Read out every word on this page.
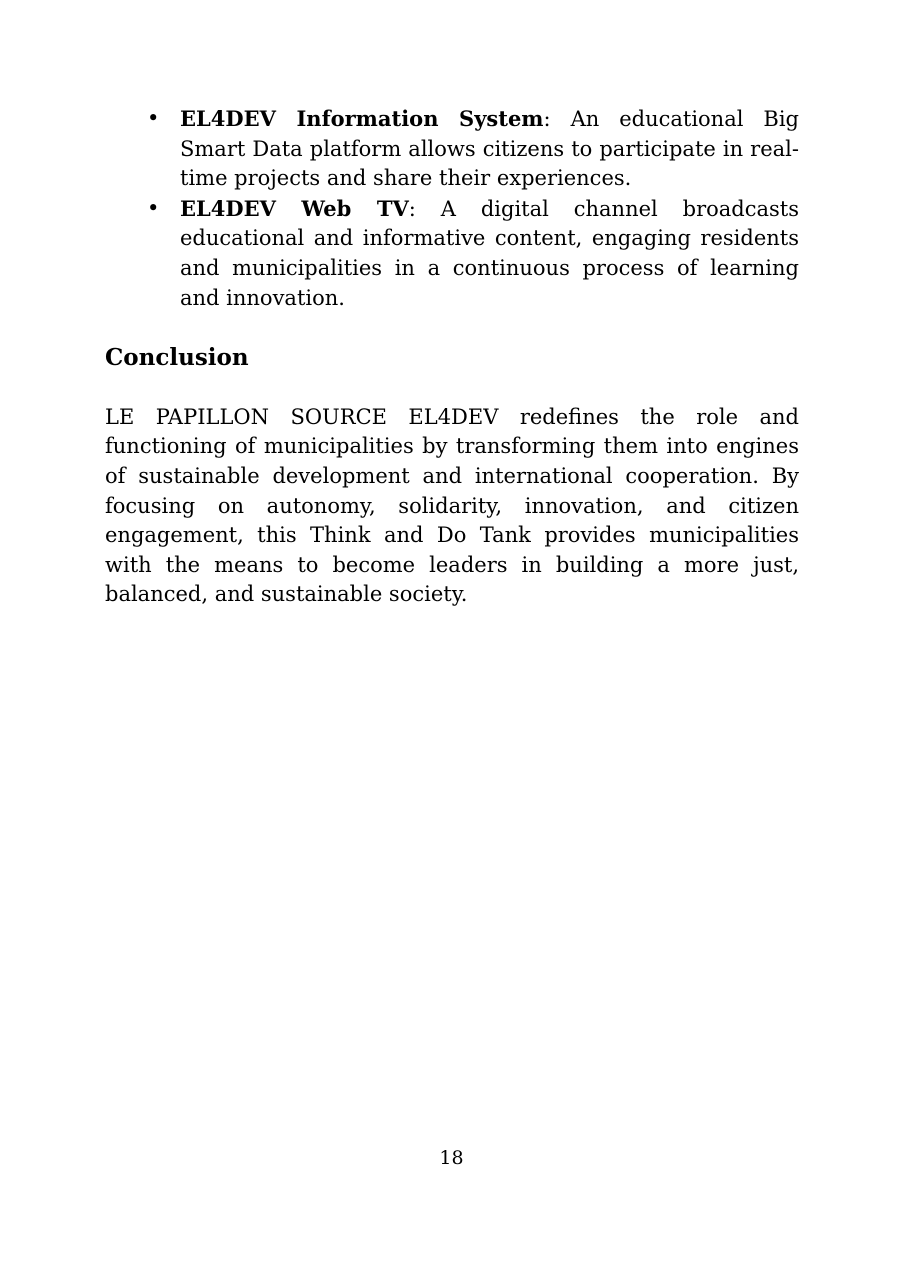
• EL4DEV Information System: An educational Big Smart Data platform allows citizens to participate in real-time projects and share their experiences.
• EL4DEV Web TV: A digital channel broadcasts educational and informative content, engaging residents and municipalities in a continuous process of learning and innovation.
Conclusion

LE PAPILLON SOURCE EL4DEV redefines the role and functioning of municipalities by transforming them into engines of sustainable development and international cooperation. By focusing on autonomy, solidarity, innovation, and citizen engagement, this Think and Do Tank provides municipalities with the means to become leaders in building a more just, balanced, and sustainable society.

18
